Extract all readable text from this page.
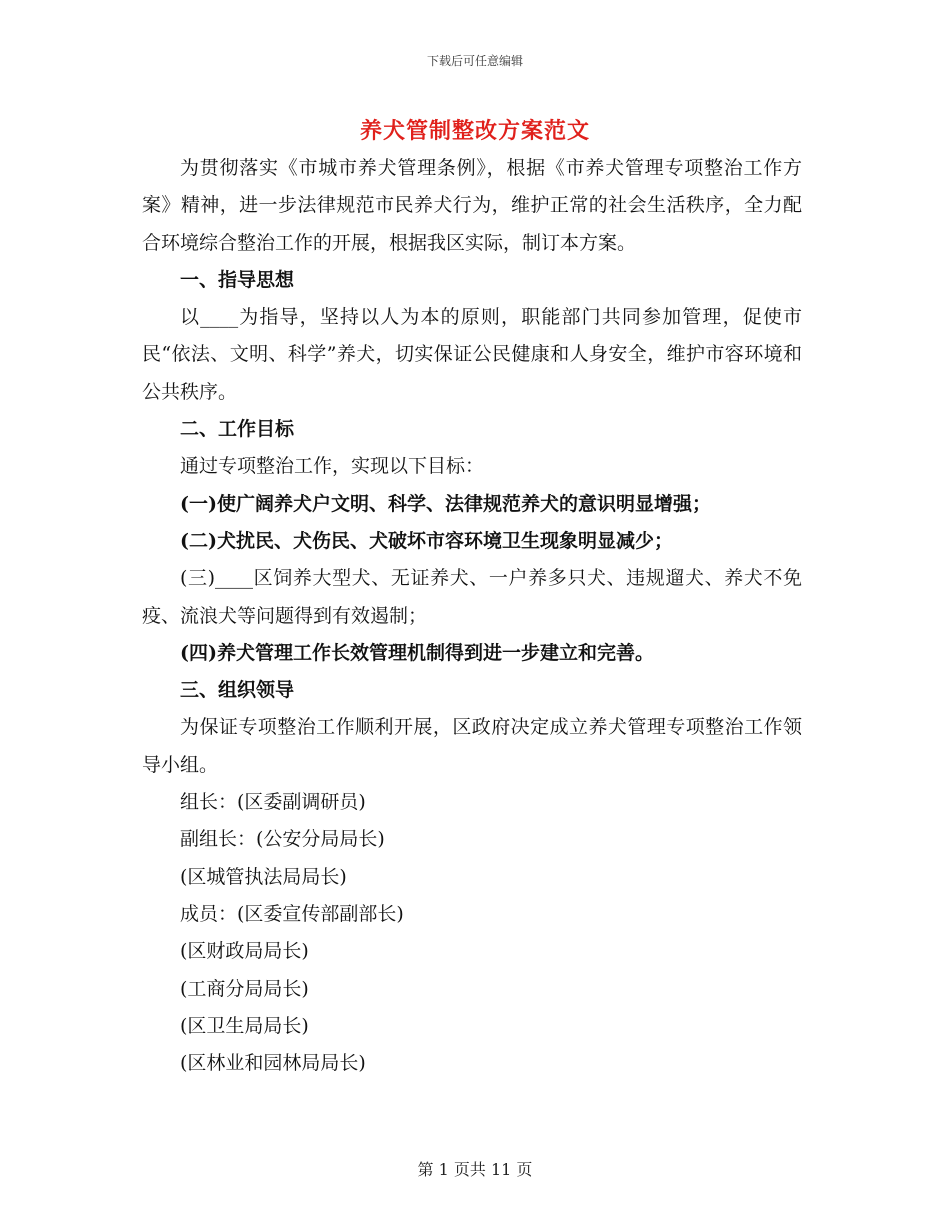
下载后可任意编辑
养犬管制整改方案范文

为贯彻落实《市城市养犬管理条例》，根据《市养犬管理专项整治工作方案》精神，进一步法律规范市民养犬行为，维护正常的社会生活秩序，全力配合环境综合整治工作的开展，根据我区实际，制订本方案。

一、指导思想

以____为指导，坚持以人为本的原则，职能部门共同参加管理，促使市民“依法、文明、科学”养犬，切实保证公民健康和人身安全，维护市容环境和公共秩序。

二、工作目标

通过专项整治工作，实现以下目标：

(一)使广阔养犬户文明、科学、法律规范养犬的意识明显增强；

(二)犬扰民、犬伤民、犬破坏市容环境卫生现象明显减少；

(三)____区饲养大型犬、无证养犬、一户养多只犬、违规遛犬、养犬不免疫、流浪犬等问题得到有效遏制；

(四)养犬管理工作长效管理机制得到进一步建立和完善。

三、组织领导

为保证专项整治工作顺利开展，区政府决定成立养犬管理专项整治工作领导小组。

组长：(区委副调研员)

副组长：(公安分局局长)

(区城管执法局局长)

成员：(区委宣传部副部长)

(区财政局局长)

(工商分局局长)

(区卫生局局长)

(区林业和园林局局长)

第 1 页共 11 页
